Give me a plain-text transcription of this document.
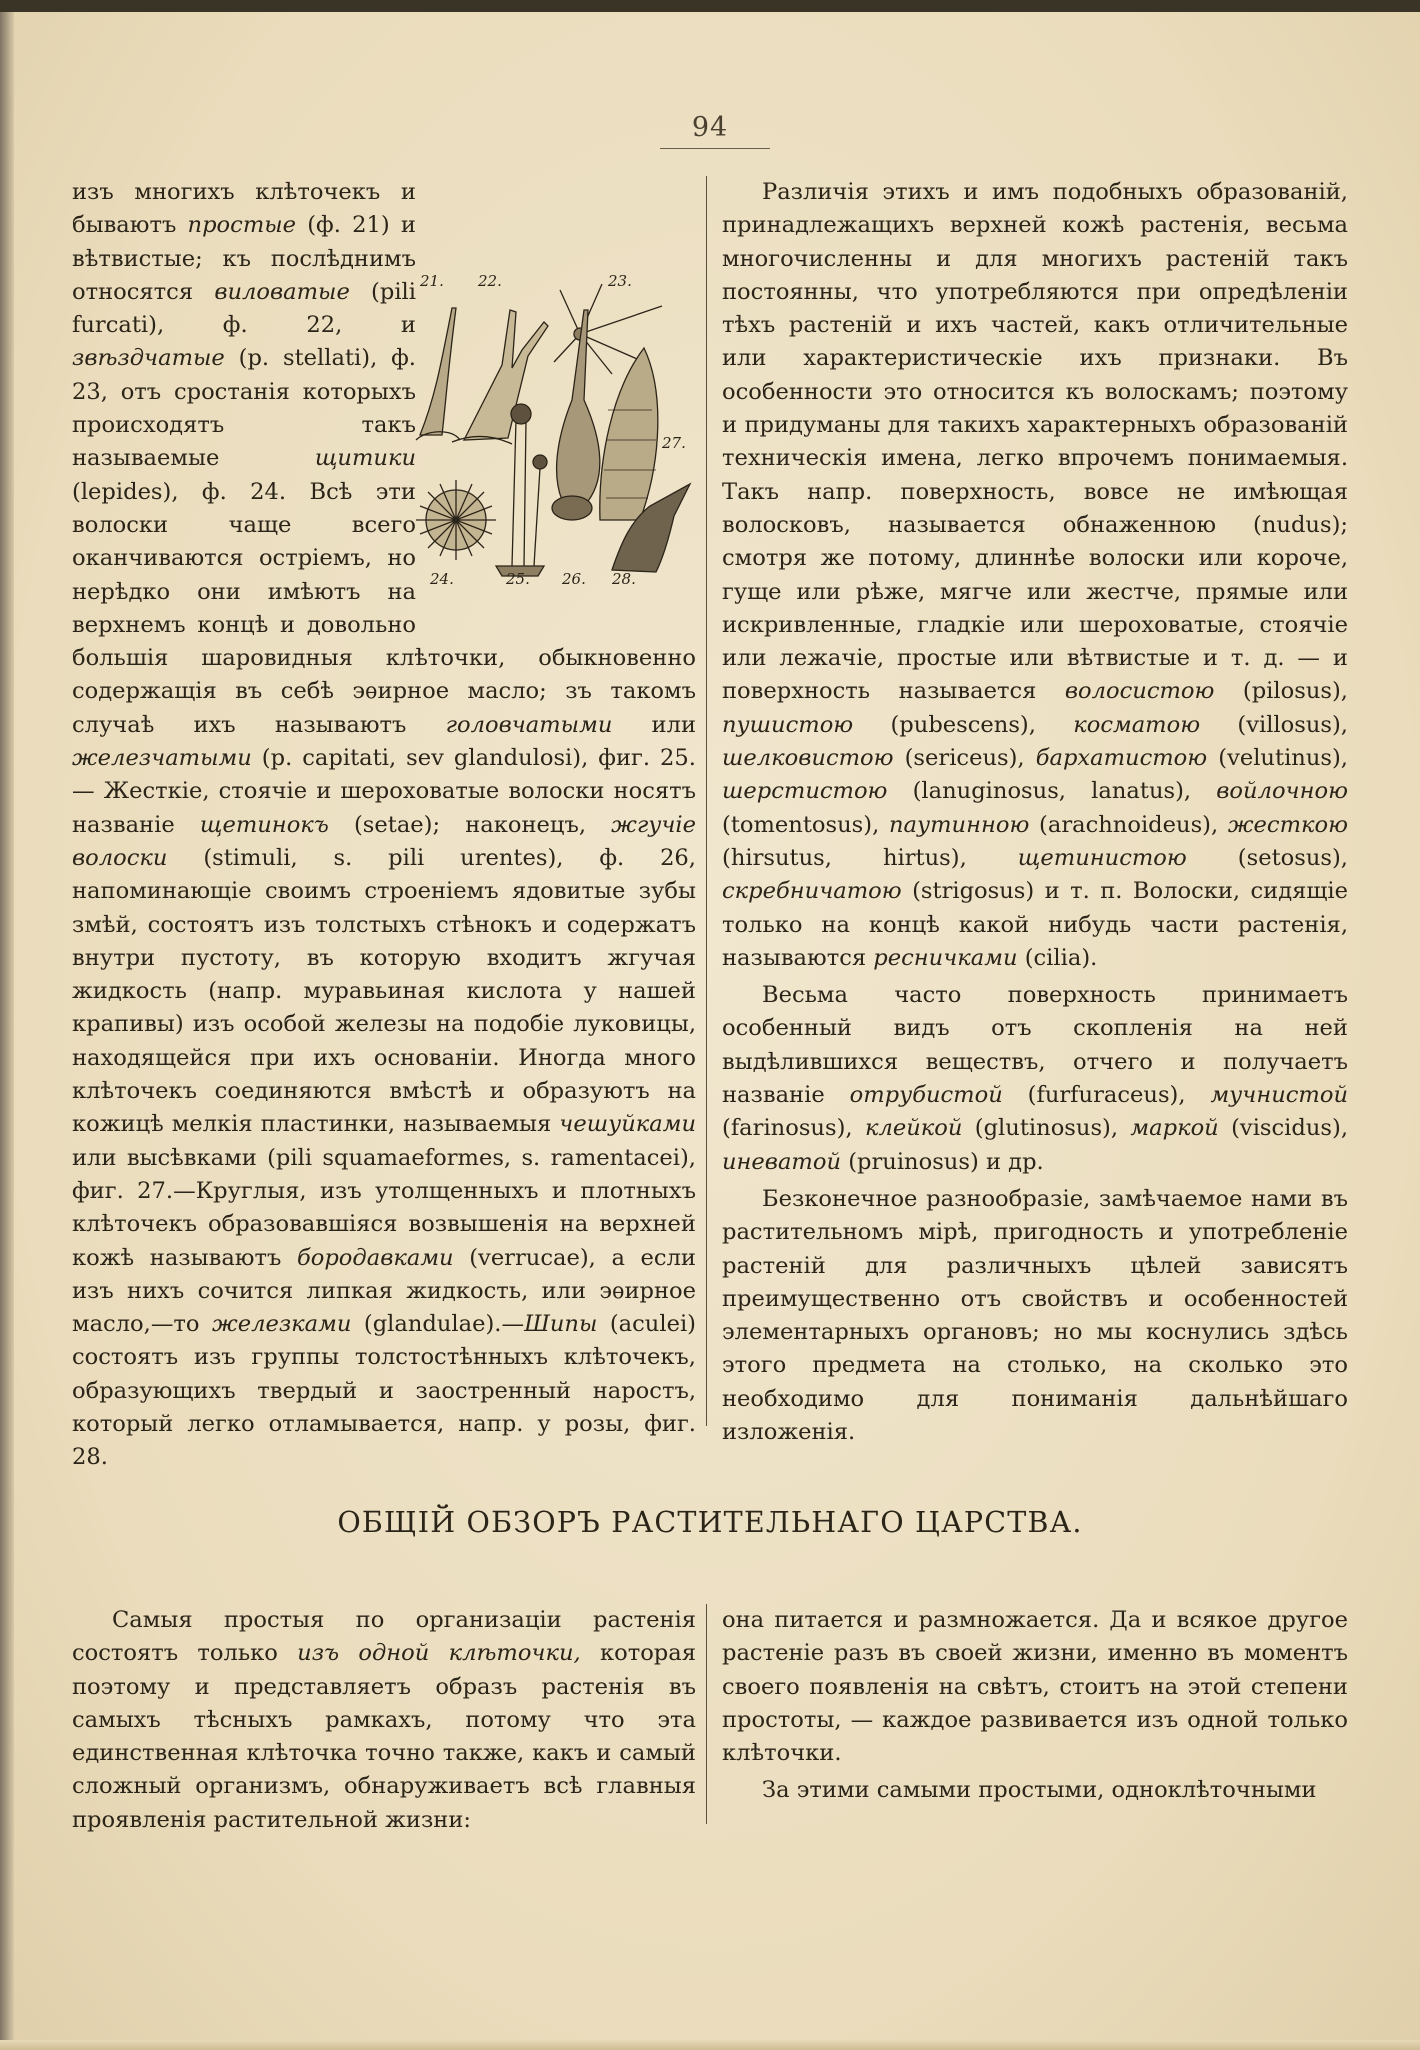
94

изъ многихъ клѣточекъ и бываютъ простые (ф. 21) и вѣтвистые; къ послѣднимъ относятся виловатые (pili furcati), ф. 22, и звѣздчатые (p. stellati), ф. 23, отъ сростанія которыхъ происходятъ такъ называемые щитики (lepides), ф. 24. Всѣ эти волоски чаще всего оканчиваются остріемъ, но нерѣдко они имѣютъ на верхнемъ концѣ и довольно большія шаровидныя клѣточки, обыкновенно содержащія въ себѣ эѳирное масло; зъ такомъ случаѣ ихъ называютъ головчатыми или железчатыми (p. capitati, sev glandulosi), фиг. 25.— Жесткіе, стоячіе и шероховатые волоски носятъ названіе щетинокъ (setae); наконецъ, жгучіе волоски (stimuli, s. pili urentes), ф. 26, напоминающіе своимъ строеніемъ ядовитые зубы змѣй, состоятъ изъ толстыхъ стѣнокъ и содержатъ внутри пустоту, въ которую входитъ жгучая жидкость (напр. муравьиная кислота у нашей крапивы) изъ особой железы на подобіе луковицы, находящейся при ихъ основаніи. Иногда много клѣточекъ соединяются вмѣстѣ и образуютъ на кожицѣ мелкія пластинки, называемыя чешуйками или высѣвками (pili squamaeformes, s. ramentacei), фиг. 27.—Круглыя, изъ утолщенныхъ и плотныхъ клѣточекъ образовавшіяся возвышенія на верхней кожѣ называютъ бородавками (verrucae), а если изъ нихъ сочится липкая жидкость, или эѳирное масло,—то железками (glandulae).—Шипы (aculei) состоятъ изъ группы толстостѣнныхъ клѣточекъ, образующихъ твердый и заостренный наростъ, который легко отламывается, напр. у розы, фиг. 28.

21. 22.	23.
27.
24.	25. 26. 28.

Различія этихъ и имъ подобныхъ образованій, принадлежащихъ верхней кожѣ растенія, весьма многочисленны и для многихъ растеній такъ постоянны, что употребляются при опредѣленіи тѣхъ растеній и ихъ частей, какъ отличительные или характеристическіе ихъ признаки. Въ особенности это относится къ волоскамъ; поэтому и придуманы для такихъ характерныхъ образованій техническія имена, легко впрочемъ понимаемыя. Такъ напр. поверхность, вовсе не имѣющая волосковъ, называется обнаженною (nudus); смотря же потому, длиннѣе волоски или короче, гуще или рѣже, мягче или жестче, прямые или искривленные, гладкіе или шероховатые, стоячіе или лежачіе, простые или вѣтвистые и т. д. — и поверхность называется волосистою (pilosus), пушистою (pubescens), косматою (villosus), шелковистою (sericeus), бархатистою (velutinus), шерстистою (lanuginosus, lanatus), войлочною (tomentosus), паутинною (arachnoideus), жесткою (hirsutus, hirtus), щетинистою (setosus), скребничатою (strigosus) и т. п. Волоски, сидящіе только на концѣ какой нибудь части растенія, называются ресничками (cilia).

Весьма часто поверхность принимаетъ особенный видъ отъ скопленія на ней выдѣлившихся веществъ, отчего и получаетъ названіе отрубистой (furfuraceus), мучнистой (farinosus), клейкой (glutinosus), маркой (viscidus), иневатой (pruinosus) и др.

Безконечное разнообразіе, замѣчаемое нами въ растительномъ мірѣ, пригодность и употребленіе растеній для различныхъ цѣлей зависятъ преимущественно отъ свойствъ и особенностей элементарныхъ органовъ; но мы коснулись здѣсь этого предмета на столько, на сколько это необходимо для пониманія дальнѣйшаго изложенія.

ОБЩІЙ ОБЗОРЪ РАСТИТЕЛЬНАГО ЦАРСТВА.

Самыя простыя по организаціи растенія состоятъ только изъ одной клѣточки, которая поэтому и представляетъ образъ растенія въ самыхъ тѣсныхъ рамкахъ, потому что эта единственная клѣточка точно также, какъ и самый сложный организмъ, обнаруживаетъ всѣ главныя проявленія растительной жизни:

она питается и размножается. Да и всякое другое растеніе разъ въ своей жизни, именно въ моментъ своего появленія на свѣтъ, стоитъ на этой степени простоты, — каждое развивается изъ одной только клѣточки.

За этими самыми простыми, одноклѣточными
